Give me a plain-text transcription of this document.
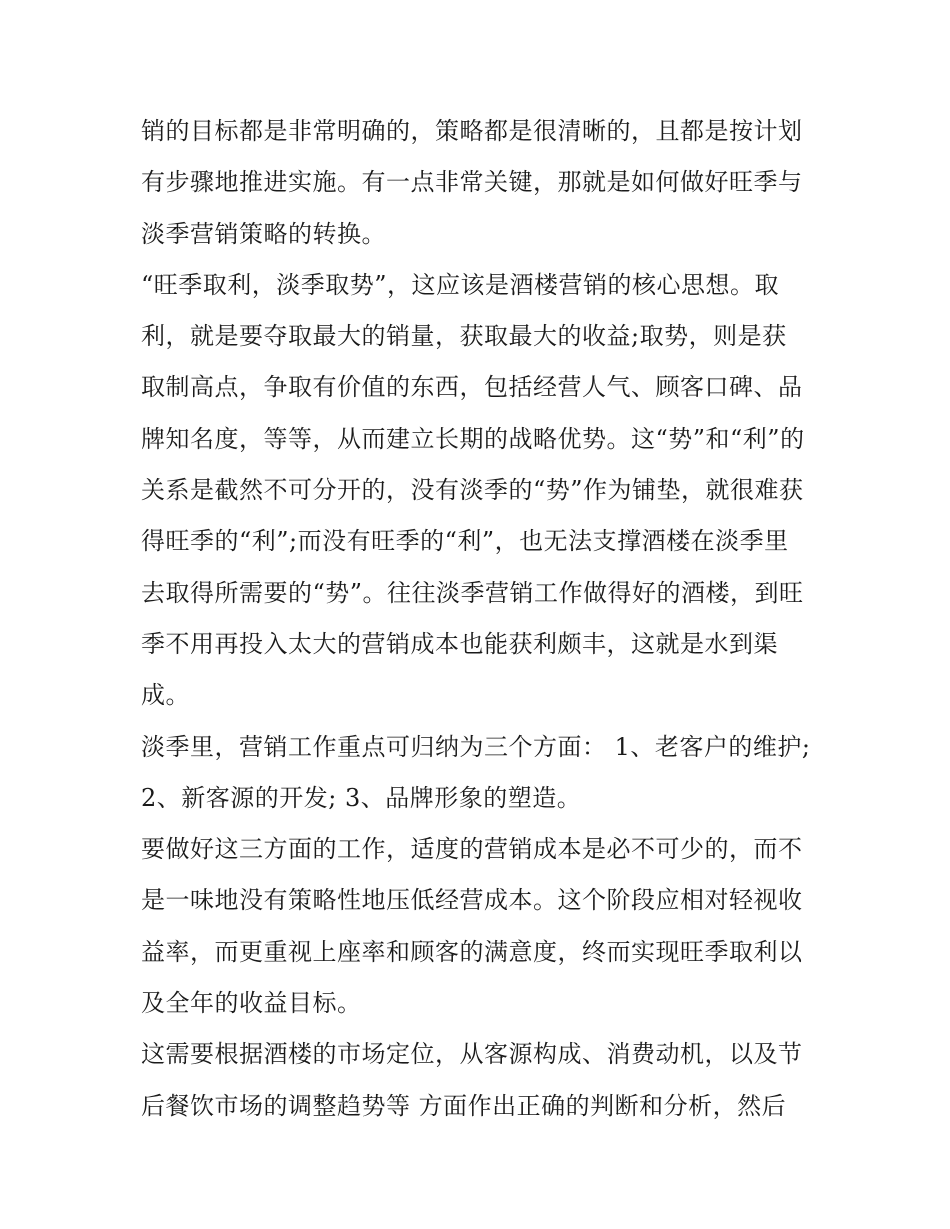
销的目标都是非常明确的，策略都是很清晰的，且都是按计划
有步骤地推进实施。有一点非常关键，那就是如何做好旺季与
淡季营销策略的转换。
“旺季取利，淡季取势”，这应该是酒楼营销的核心思想。取
利，就是要夺取最大的销量，获取最大的收益;取势，则是获
取制高点，争取有价值的东西，包括经营人气、顾客口碑、品
牌知名度，等等，从而建立长期的战略优势。这“势”和“利”的
关系是截然不可分开的，没有淡季的“势”作为铺垫，就很难获
得旺季的“利”;而没有旺季的“利”，也无法支撑酒楼在淡季里
去取得所需要的“势”。往往淡季营销工作做得好的酒楼，到旺
季不用再投入太大的营销成本也能获利颇丰，这就是水到渠
成。
淡季里，营销工作重点可归纳为三个方面： 1、老客户的维护;
2、新客源的开发; 3、品牌形象的塑造。
要做好这三方面的工作，适度的营销成本是必不可少的，而不
是一味地没有策略性地压低经营成本。这个阶段应相对轻视收
益率，而更重视上座率和顾客的满意度，终而实现旺季取利以
及全年的收益目标。
这需要根据酒楼的市场定位，从客源构成、消费动机，以及节
后餐饮市场的调整趋势等 方面作出正确的判断和分析，然后
